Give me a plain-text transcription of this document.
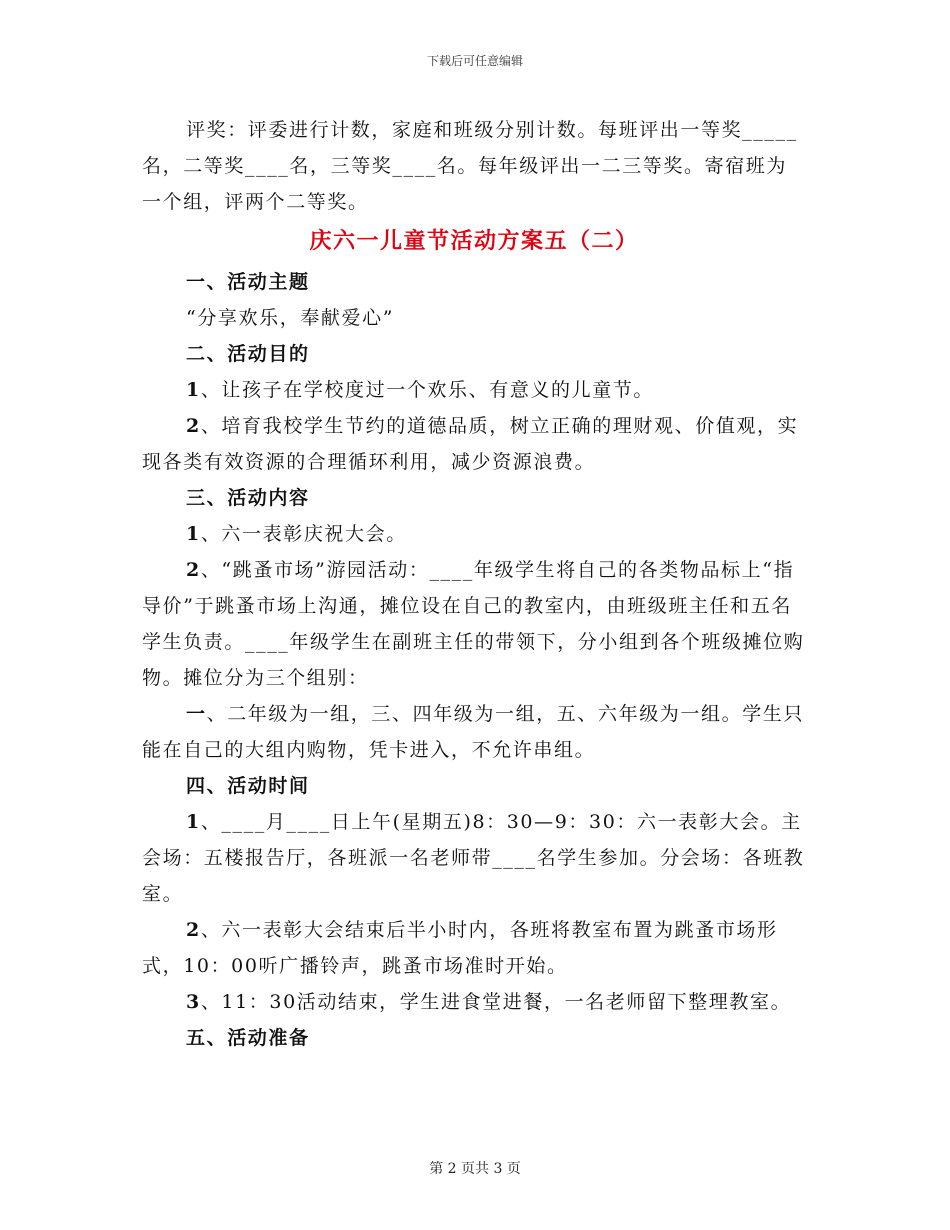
下载后可任意编辑

评奖：评委进行计数，家庭和班级分别计数。每班评出一等奖_____名，二等奖____名，三等奖____名。每年级评出一二三等奖。寄宿班为一个组，评两个二等奖。

庆六一儿童节活动方案五（二）

一、活动主题

“分享欢乐，奉献爱心”

二、活动目的

1、让孩子在学校度过一个欢乐、有意义的儿童节。

2、培育我校学生节约的道德品质，树立正确的理财观、价值观，实现各类有效资源的合理循环利用，减少资源浪费。

三、活动内容

1、六一表彰庆祝大会。

2、“跳蚤市场”游园活动：____年级学生将自己的各类物品标上“指导价”于跳蚤市场上沟通，摊位设在自己的教室内，由班级班主任和五名学生负责。____年级学生在副班主任的带领下，分小组到各个班级摊位购物。摊位分为三个组别：

一、二年级为一组，三、四年级为一组，五、六年级为一组。学生只能在自己的大组内购物，凭卡进入，不允许串组。

四、活动时间

1、____月____日上午(星期五)8：30—9：30：六一表彰大会。主会场：五楼报告厅，各班派一名老师带____名学生参加。分会场：各班教室。

2、六一表彰大会结束后半小时内，各班将教室布置为跳蚤市场形式，10：00听广播铃声，跳蚤市场准时开始。

3、11：30活动结束，学生进食堂进餐，一名老师留下整理教室。

五、活动准备

第 2 页共 3 页
